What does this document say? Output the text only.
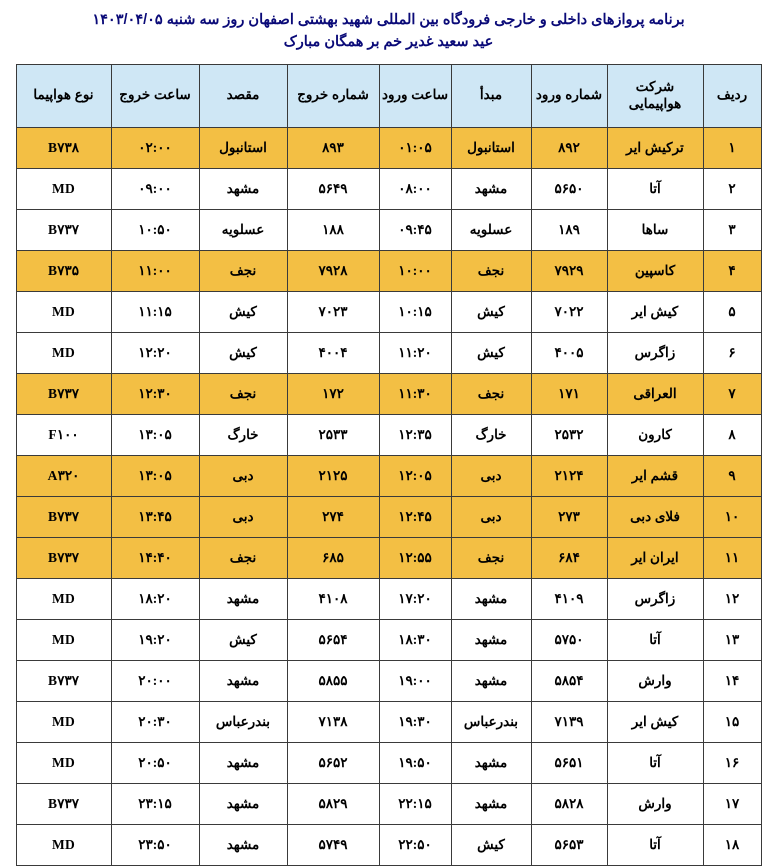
برنامه پروازهای داخلی و خارجی فرودگاه بین المللی شهید بهشتی اصفهان روز سه شنبه ۱۴۰۳/۰۴/۰۵
عید سعید غدیر خم بر همگان مبارک
ردیف	شرکت هواپیمایی	شماره ورود	مبدأ	ساعت ورود	شماره خروج	مقصد	ساعت خروج	نوع هواپیما
۱	ترکیش ایر	۸۹۲	استانبول	۰۱:۰۵	۸۹۳	استانبول	۰۲:۰۰	B۷۳۸
۲	آتا	۵۶۵۰	مشهد	۰۸:۰۰	۵۶۴۹	مشهد	۰۹:۰۰	MD
۳	ساها	۱۸۹	عسلویه	۰۹:۴۵	۱۸۸	عسلویه	۱۰:۵۰	B۷۳۷
۴	کاسپین	۷۹۲۹	نجف	۱۰:۰۰	۷۹۲۸	نجف	۱۱:۰۰	B۷۳۵
۵	کیش ایر	۷۰۲۲	کیش	۱۰:۱۵	۷۰۲۳	کیش	۱۱:۱۵	MD
۶	زاگرس	۴۰۰۵	کیش	۱۱:۲۰	۴۰۰۴	کیش	۱۲:۲۰	MD
۷	العراقی	۱۷۱	نجف	۱۱:۳۰	۱۷۲	نجف	۱۲:۳۰	B۷۳۷
۸	کارون	۲۵۳۲	خارگ	۱۲:۳۵	۲۵۳۳	خارگ	۱۳:۰۵	F۱۰۰
۹	قشم ایر	۲۱۲۴	دبی	۱۲:۰۵	۲۱۲۵	دبی	۱۳:۰۵	A۳۲۰
۱۰	فلای دبی	۲۷۳	دبی	۱۲:۴۵	۲۷۴	دبی	۱۳:۴۵	B۷۳۷
۱۱	ایران ایر	۶۸۴	نجف	۱۲:۵۵	۶۸۵	نجف	۱۴:۴۰	B۷۳۷
۱۲	زاگرس	۴۱۰۹	مشهد	۱۷:۲۰	۴۱۰۸	مشهد	۱۸:۲۰	MD
۱۳	آتا	۵۷۵۰	مشهد	۱۸:۳۰	۵۶۵۴	کیش	۱۹:۲۰	MD
۱۴	وارش	۵۸۵۴	مشهد	۱۹:۰۰	۵۸۵۵	مشهد	۲۰:۰۰	B۷۳۷
۱۵	کیش ایر	۷۱۳۹	بندرعباس	۱۹:۳۰	۷۱۳۸	بندرعباس	۲۰:۳۰	MD
۱۶	آتا	۵۶۵۱	مشهد	۱۹:۵۰	۵۶۵۲	مشهد	۲۰:۵۰	MD
۱۷	وارش	۵۸۲۸	مشهد	۲۲:۱۵	۵۸۲۹	مشهد	۲۳:۱۵	B۷۳۷
۱۸	آتا	۵۶۵۳	کیش	۲۲:۵۰	۵۷۴۹	مشهد	۲۳:۵۰	MD
